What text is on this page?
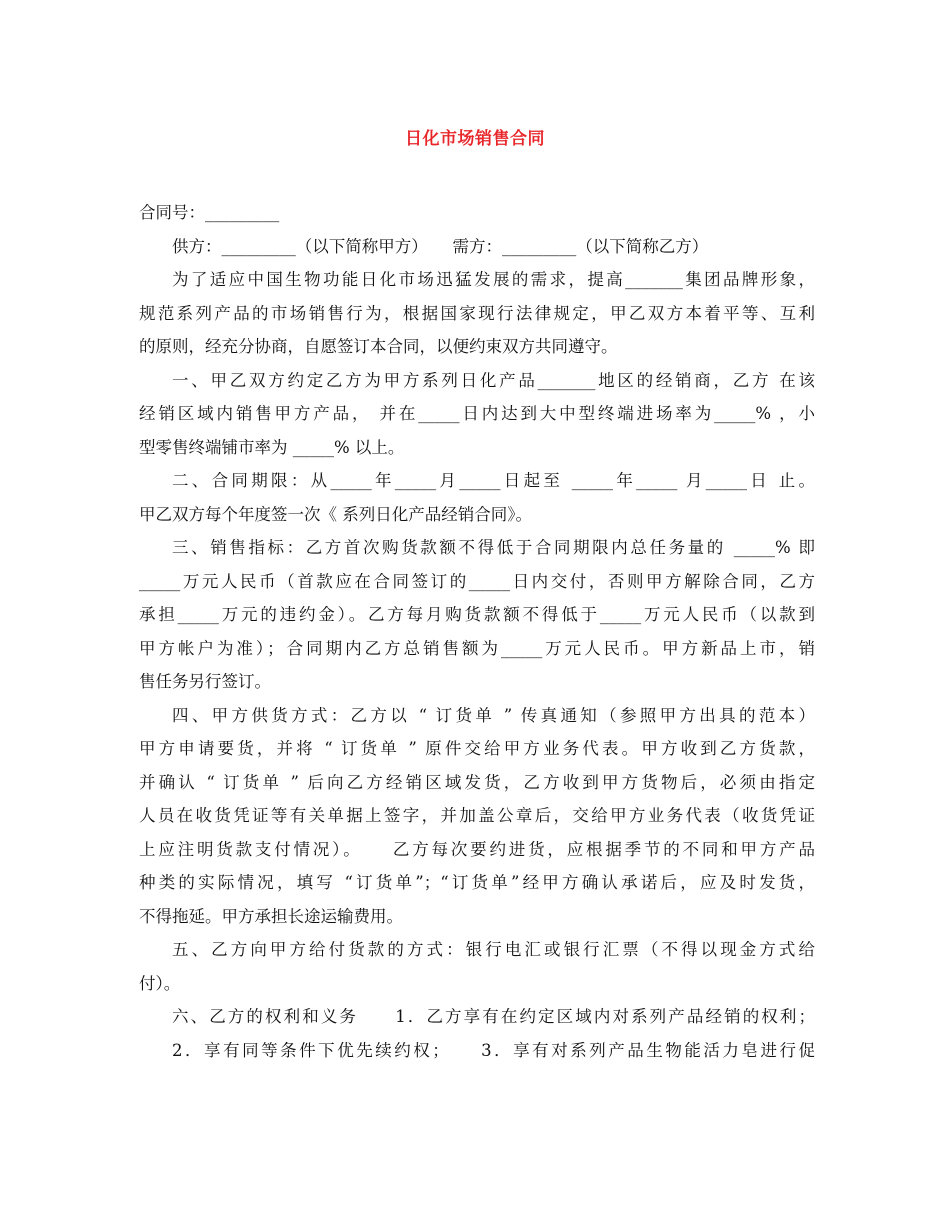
日化市场销售合同
合同号：_________
供方：_________（以下简称甲方）　　需方：_________（以下简称乙方）
为了适应中国生物功能日化市场迅猛发展的需求，提高_______集团品牌形象，
规范系列产品的市场销售行为，根据国家现行法律规定，甲乙双方本着平等、互利
的原则，经充分协商，自愿签订本合同，以便约束双方共同遵守。
一、甲乙双方约定乙方为甲方系列日化产品_______地区的经销商，乙方 在该
经销区域内销售甲方产品， 并在_____日内达到大中型终端进场率为_____% ，小
型零售终端铺市率为 _____% 以上。
二、合同期限：从_____年_____月_____日起至 _____年_____ 月_____日 止。
甲乙双方每个年度签一次《 系列日化产品经销合同》。
三、销售指标：乙方首次购货款额不得低于合同期限内总任务量的 _____% 即
_____万元人民币（首款应在合同签订的_____日内交付，否则甲方解除合同，乙方
承担_____万元的违约金）。乙方每月购货款额不得低于_____万元人民币（以款到
甲方帐户为准）；合同期内乙方总销售额为_____万元人民币。甲方新品上市，销
售任务另行签订。
四、甲方供货方式：乙方以 “ 订货单 ” 传真通知（参照甲方出具的范本）
甲方申请要货，并将 “ 订货单 ” 原件交给甲方业务代表。甲方收到乙方货款，
并确认 “ 订货单 ” 后向乙方经销区域发货，乙方收到甲方货物后，必须由指定
人员在收货凭证等有关单据上签字，并加盖公章后，交给甲方业务代表（收货凭证
上应注明货款支付情况）。　　乙方每次要约进货，应根据季节的不同和甲方产品
种类的实际情况，填写 “订货单”；“订货单”经甲方确认承诺后，应及时发货，
不得拖延。甲方承担长途运输费用。
五、乙方向甲方给付货款的方式：银行电汇或银行汇票（不得以现金方式给
付）。
六、乙方的权利和义务　　1．乙方享有在约定区域内对系列产品经销的权利；
2．享有同等条件下优先续约权；　　3．享有对系列产品生物能活力皂进行促
